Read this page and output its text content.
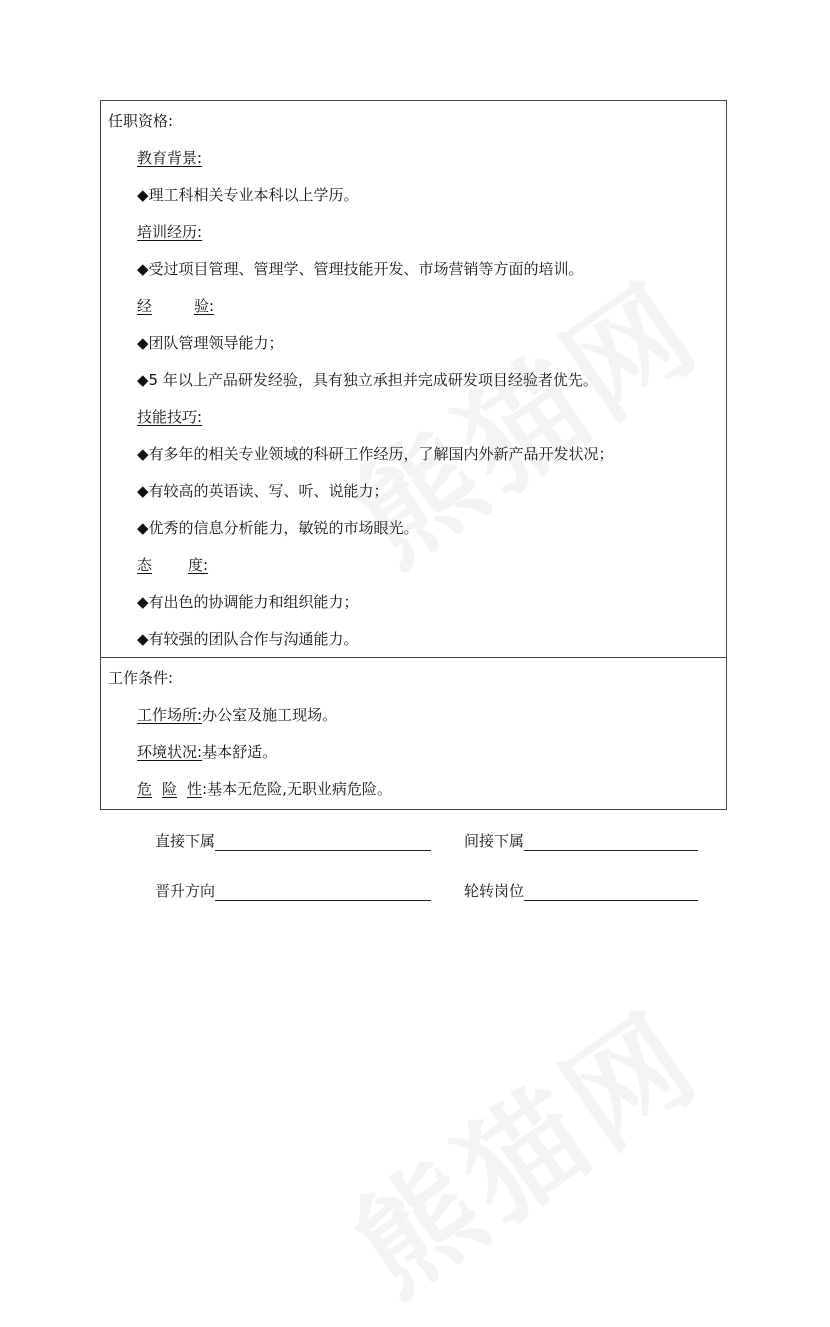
任职资格:
教育背景:
◆理工科相关专业本科以上学历。
培训经历:
◆受过项目管理、管理学、管理技能开发、市场营销等方面的培训。
经	验:
◆团队管理领导能力；
◆5 年以上产品研发经验，具有独立承担并完成研发项目经验者优先。
技能技巧:
◆有多年的相关专业领域的科研工作经历，了解国内外新产品开发状况；
◆有较高的英语读、写、听、说能力；
◆优秀的信息分析能力，敏锐的市场眼光。
态 度:
◆有出色的协调能力和组织能力；
◆有较强的团队合作与沟通能力。
工作条件:
工作场所:办公室及施工现场。
环境状况:基本舒适。
危 险 性:基本无危险,无职业病危险。
直接下属	间接下属
晋升方向	轮转岗位
